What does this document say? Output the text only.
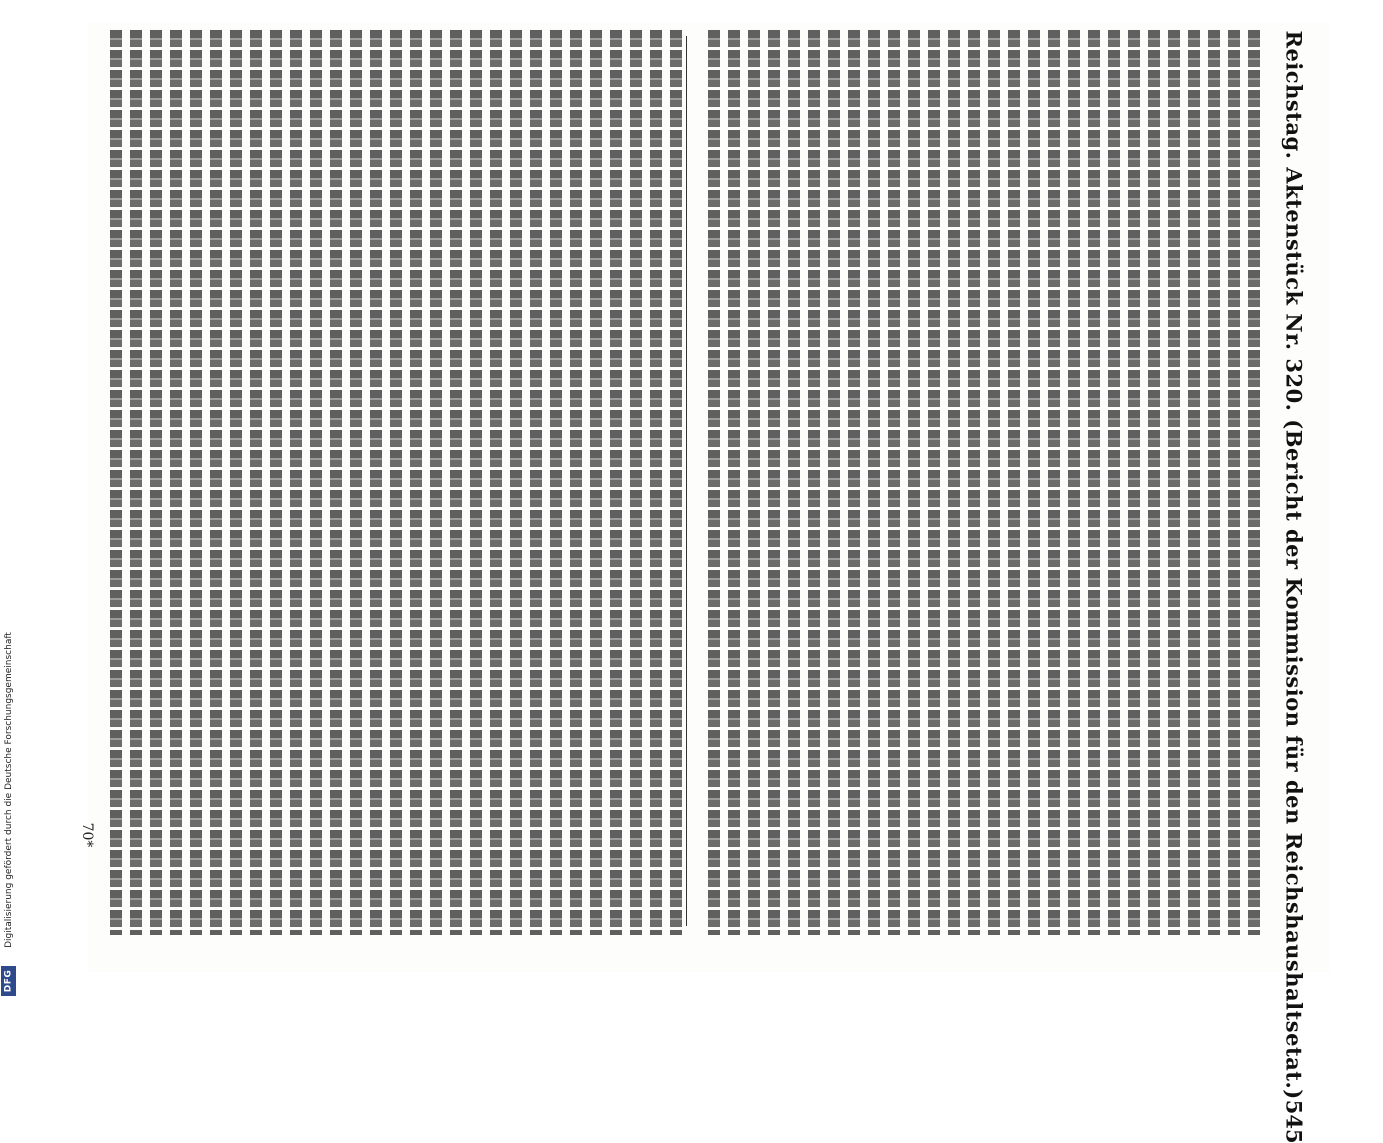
Digitalisierung gefördert durch die Deutsche Forschungsgemeinschaft
DFG	Reichstag. Aktenstück Nr. 320. (Bericht der Kommission für den Reichshaushaltsetat.)
545
70*
